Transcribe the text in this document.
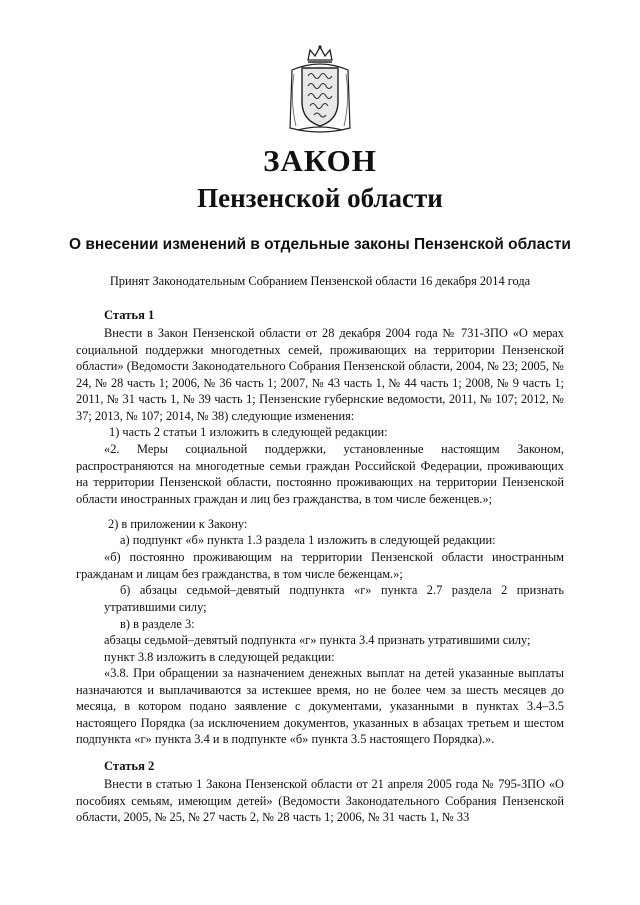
ЗАКОН
Пензенской области
О внесении изменений в отдельные законы Пензенской области
Принят Законодательным Собранием Пензенской области 16 декабря 2014 года
Статья 1
Внести в Закон Пензенской области от 28 декабря 2004 года № 731-ЗПО «О мерах социальной поддержки многодетных семей, проживающих на территории Пензенской области» (Ведомости Законодательного Собрания Пензенской области, 2004, № 23; 2005, № 24, № 28 часть 1; 2006, № 36 часть 1; 2007, № 43 часть 1, № 44 часть 1; 2008, № 9 часть 1; 2011, № 31 часть 1, № 39 часть 1; Пензенские губернские ведомости, 2011, № 107; 2012, № 37; 2013, № 107; 2014, № 38) следующие изменения:
1) часть 2 статьи 1 изложить в следующей редакции:
«2. Меры социальной поддержки, установленные настоящим Законом, распространяются на многодетные семьи граждан Российской Федерации, проживающих на территории Пензенской области, постоянно проживающих на территории Пензенской области иностранных граждан и лиц без гражданства, в том числе беженцев.»;
2) в приложении к Закону:
а) подпункт «б» пункта 1.3 раздела 1 изложить в следующей редакции:
«б) постоянно проживающим на территории Пензенской области иностранным гражданам и лицам без гражданства, в том числе беженцам.»;
б) абзацы седьмой–девятый подпункта «г» пункта 2.7 раздела 2 признать утратившими силу;
в) в разделе 3:
абзацы седьмой–девятый подпункта «г» пункта 3.4 признать утратившими силу;
пункт 3.8 изложить в следующей редакции:
«3.8. При обращении за назначением денежных выплат на детей указанные выплаты назначаются и выплачиваются за истекшее время, но не более чем за шесть месяцев до месяца, в котором подано заявление с документами, указанными в пунктах 3.4–3.5 настоящего Порядка (за исключением документов, указанных в абзацах третьем и шестом подпункта «г» пункта 3.4 и в подпункте «б» пункта 3.5 настоящего Порядка).».
Статья 2
Внести в статью 1 Закона Пензенской области от 21 апреля 2005 года № 795-ЗПО «О пособиях семьям, имеющим детей» (Ведомости Законодательного Собрания Пензенской области, 2005, № 25, № 27 часть 2, № 28 часть 1; 2006, № 31 часть 1, № 33
